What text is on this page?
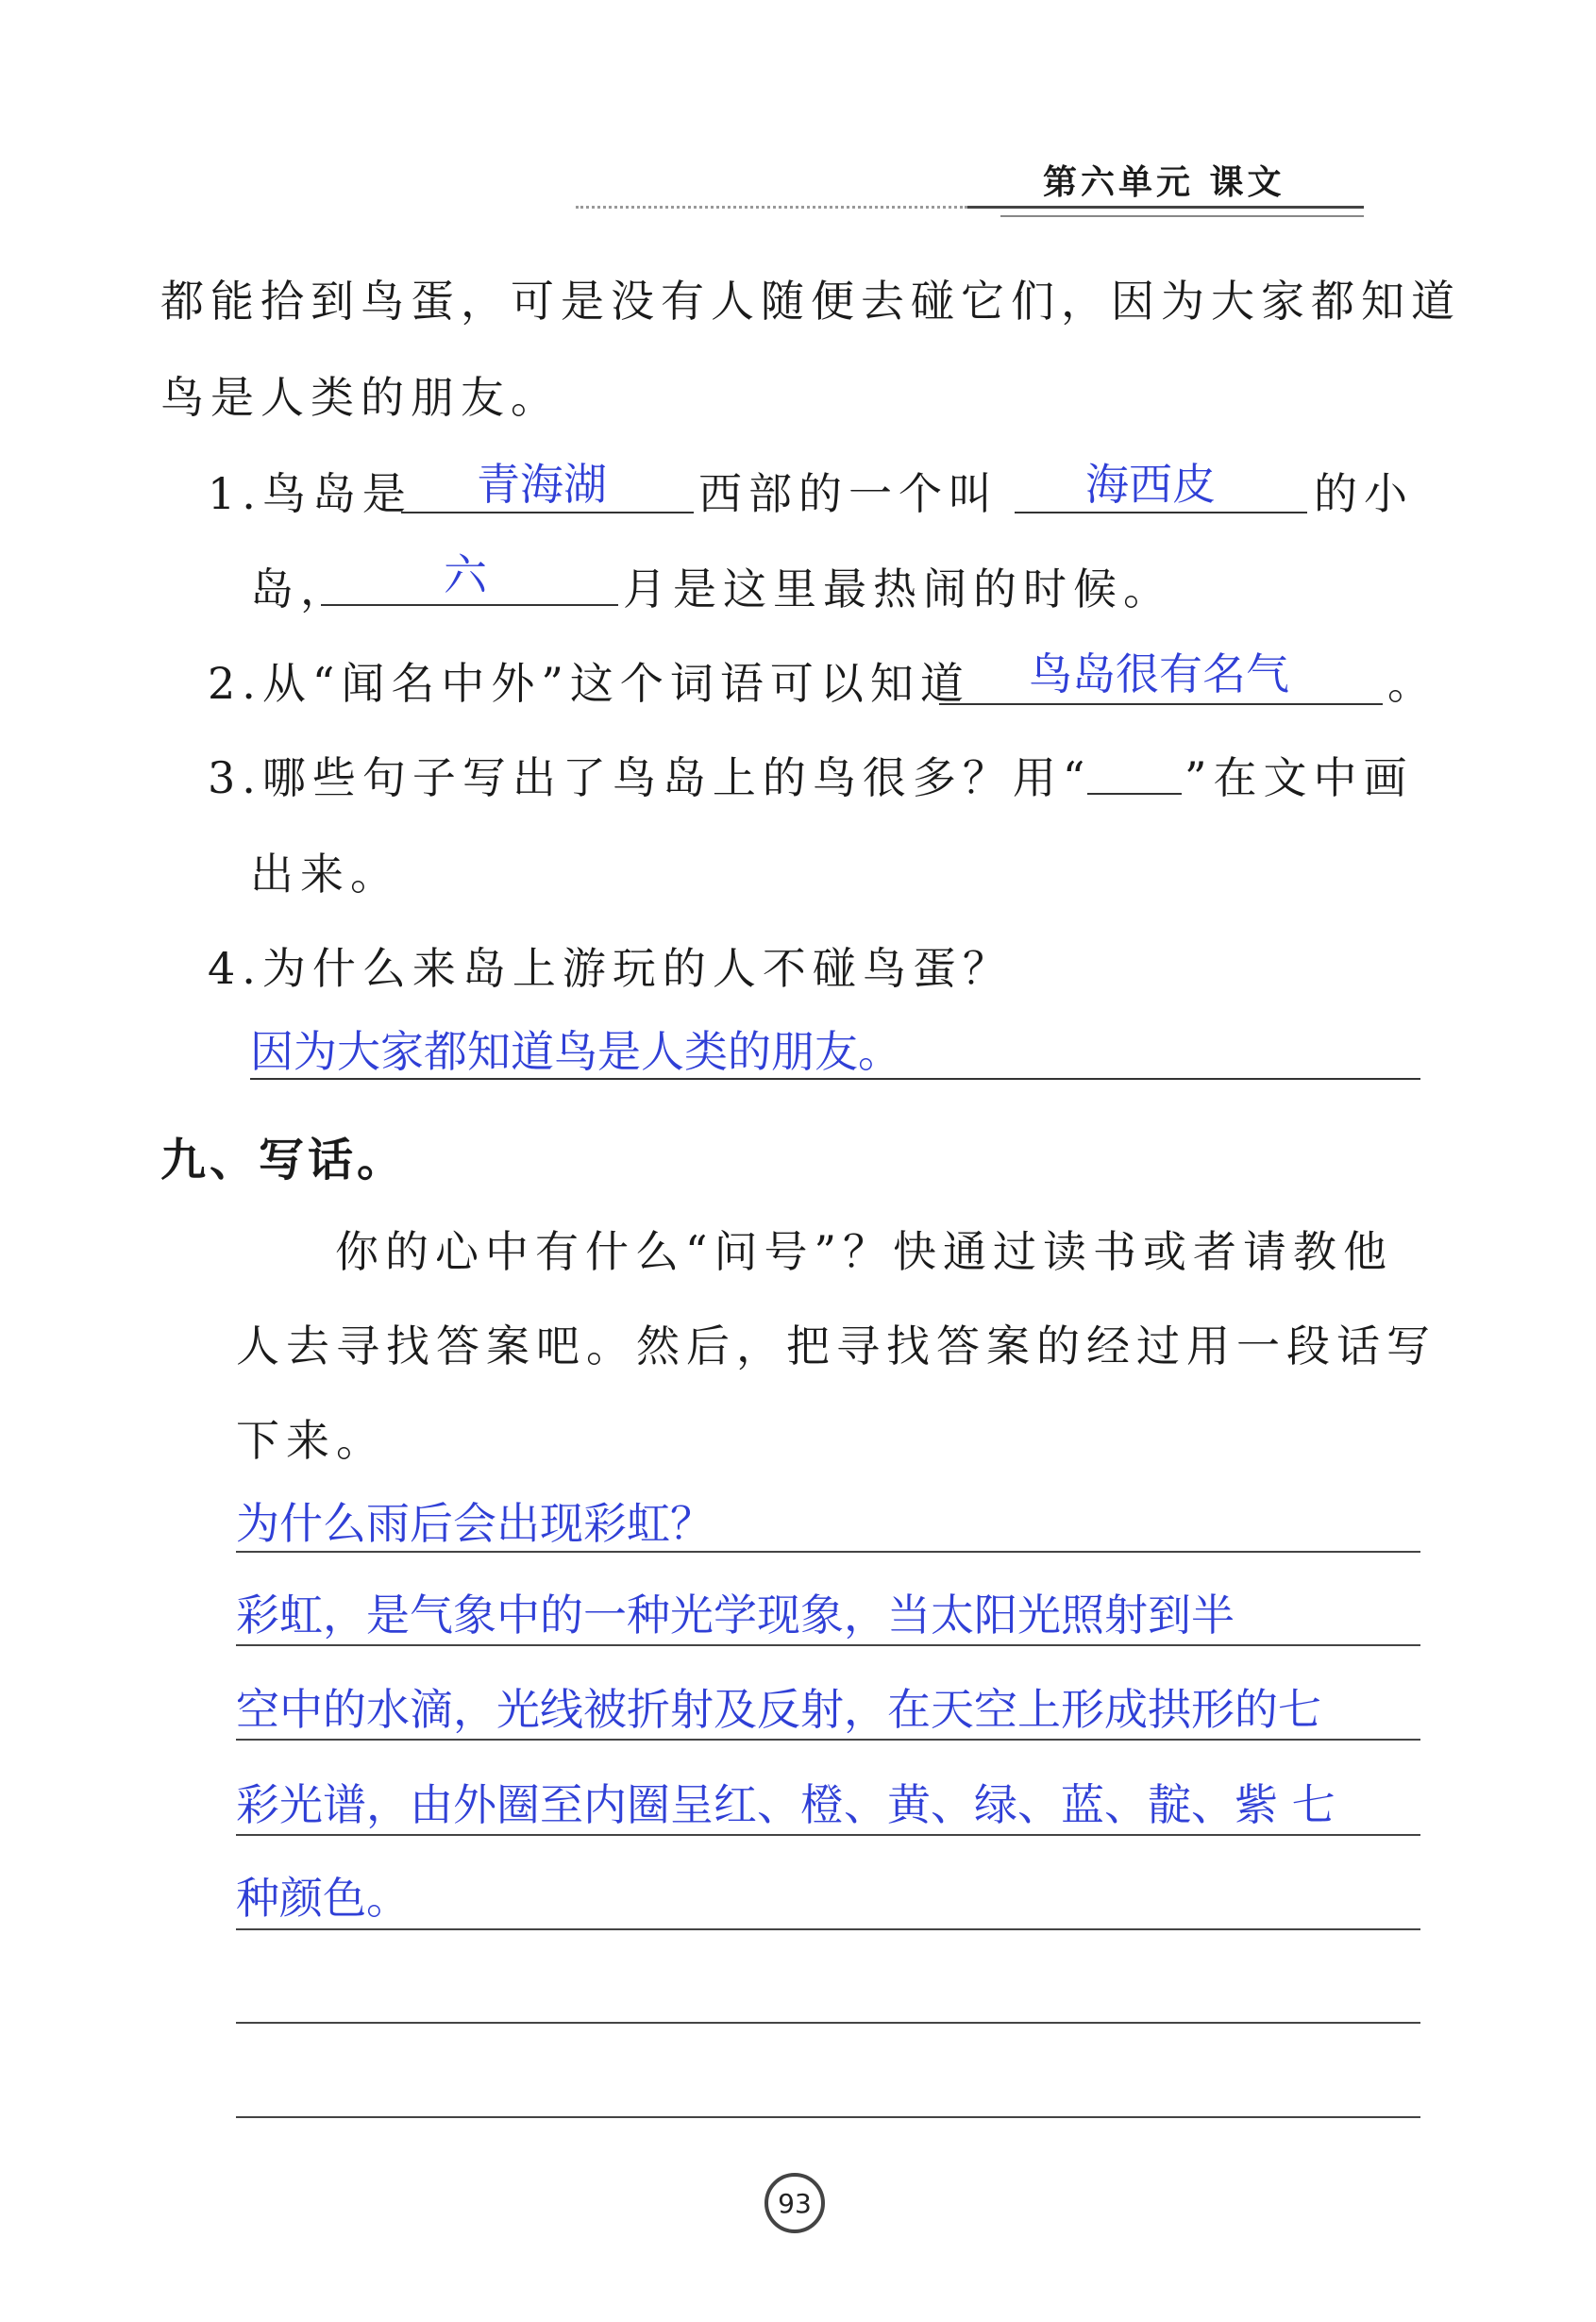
第六单元 课文
都能拾到鸟蛋，可是没有人随便去碰它们，因为大家都知道
鸟是人类的朋友。
1.鸟岛是 青海湖 西部的一个叫 海西皮 的小
岛， 六	月是这里最热闹的时候。
2.从“闻名中外”这个词语可以知道 鸟岛很有名气 。
3.哪些句子写出了鸟岛上的鸟很多？用“ ”在文中画
出来。
4.为什么来岛上游玩的人不碰鸟蛋？
因为大家都知道鸟是人类的朋友。
九、写话。
你的心中有什么“问号”？快通过读书或者请教他
人去寻找答案吧。然后，把寻找答案的经过用一段话写
下来。
为什么雨后会出现彩虹？
彩虹，是气象中的一种光学现象，当太阳光照射到半
空中的水滴，光线被折射及反射，在天空上形成拱形的七
彩光谱，由外圈至内圈呈红、橙、黄、绿、蓝、靛、紫 七
种颜色。
93
